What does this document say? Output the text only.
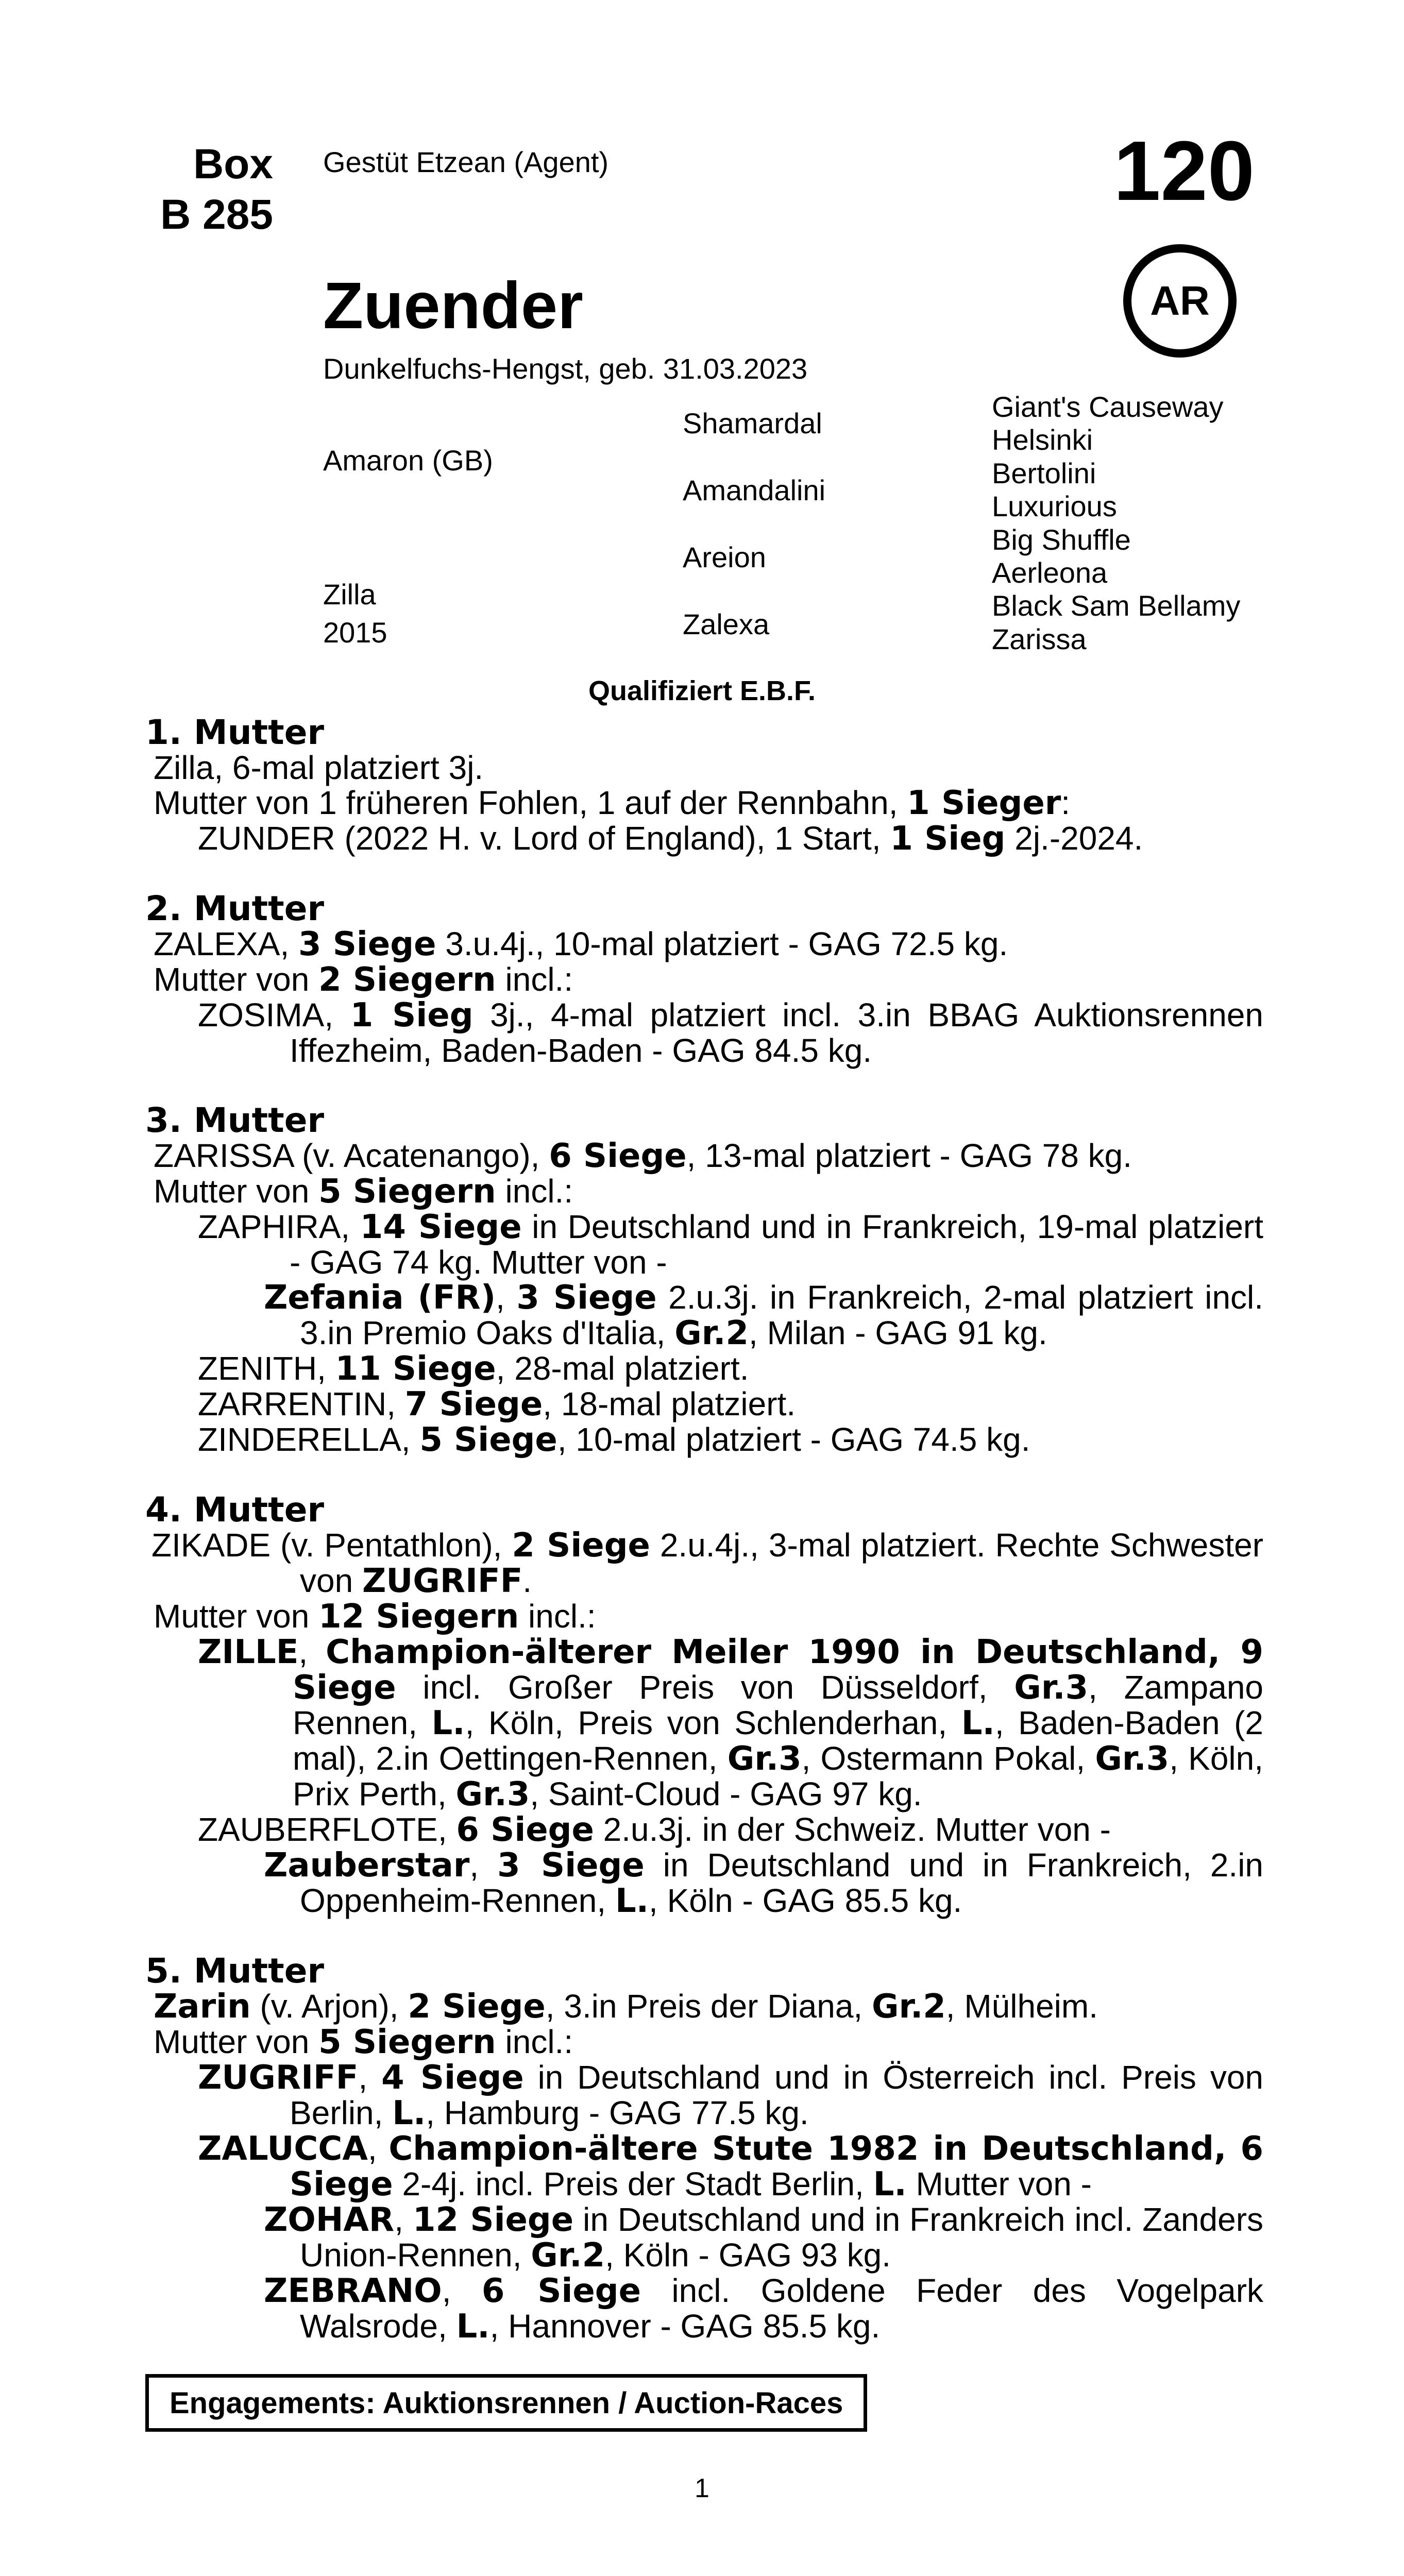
Box
B 285
Gestüt Etzean (Agent)	120
AR
Zuender
Dunkelfuchs-Hengst, geb. 31.03.2023
Amaron (GB)
Zilla
2015
Shamardal
Amandalini
Areion
Zalexa
Giant's Causeway
Helsinki
Bertolini
Luxurious
Big Shuffle
Aerleona
Black Sam Bellamy
Zarissa
Qualifiziert E.B.F.

1. Mutter

Zilla, 6-mal platziert 3j.

Mutter von 1 früheren Fohlen, 1 auf der Rennbahn, 1 Sieger:

ZUNDER (2022 H. v. Lord of England), 1 Start, 1 Sieg 2j.-2024.

2. Mutter

ZALEXA, 3 Siege 3.u.4j., 10-mal platziert - GAG 72.5 kg.

Mutter von 2 Siegern incl.:

ZOSIMA, 1 Sieg 3j., 4-mal platziert incl. 3.in BBAG Auktionsrennen Iffezheim, Baden-Baden - GAG 84.5 kg.

3. Mutter

ZARISSA (v. Acatenango), 6 Siege, 13-mal platziert - GAG 78 kg.

Mutter von 5 Siegern incl.:

ZAPHIRA, 14 Siege in Deutschland und in Frankreich, 19-mal platziert - GAG 74 kg. Mutter von -

Zefania (FR), 3 Siege 2.u.3j. in Frankreich, 2-mal platziert incl. 3.in Premio Oaks d'Italia, Gr.2, Milan - GAG 91 kg.

ZENITH, 11 Siege, 28-mal platziert.

ZARRENTIN, 7 Siege, 18-mal platziert.

ZINDERELLA, 5 Siege, 10-mal platziert - GAG 74.5 kg.

4. Mutter

ZIKADE (v. Pentathlon), 2 Siege 2.u.4j., 3-mal platziert. Rechte Schwester von ZUGRIFF.

Mutter von 12 Siegern incl.:

ZILLE, Champion-älterer Meiler 1990 in Deutschland, 9 Siege incl. Großer Preis von Düsseldorf, Gr.3, Zampano Rennen, L., Köln, Preis von Schlenderhan, L., Baden-Baden (2 mal), 2.in Oettingen-Rennen, Gr.3, Ostermann Pokal, Gr.3, Köln, Prix Perth, Gr.3, Saint-Cloud - GAG 97 kg.

ZAUBERFLOTE, 6 Siege 2.u.3j. in der Schweiz. Mutter von -

Zauberstar, 3 Siege in Deutschland und in Frankreich, 2.in Oppenheim-Rennen, L., Köln - GAG 85.5 kg.

5. Mutter

Zarin (v. Arjon), 2 Siege, 3.in Preis der Diana, Gr.2, Mülheim.

Mutter von 5 Siegern incl.:

ZUGRIFF, 4 Siege in Deutschland und in Österreich incl. Preis von Berlin, L., Hamburg - GAG 77.5 kg.

ZALUCCA, Champion-ältere Stute 1982 in Deutschland, 6 Siege 2-4j. incl. Preis der Stadt Berlin, L. Mutter von -

ZOHAR, 12 Siege in Deutschland und in Frankreich incl. Zanders Union-Rennen, Gr.2, Köln - GAG 93 kg.

ZEBRANO, 6 Siege incl. Goldene Feder des Vogelpark Walsrode, L., Hannover - GAG 85.5 kg.

Engagements: Auktionsrennen / Auction-Races
1
